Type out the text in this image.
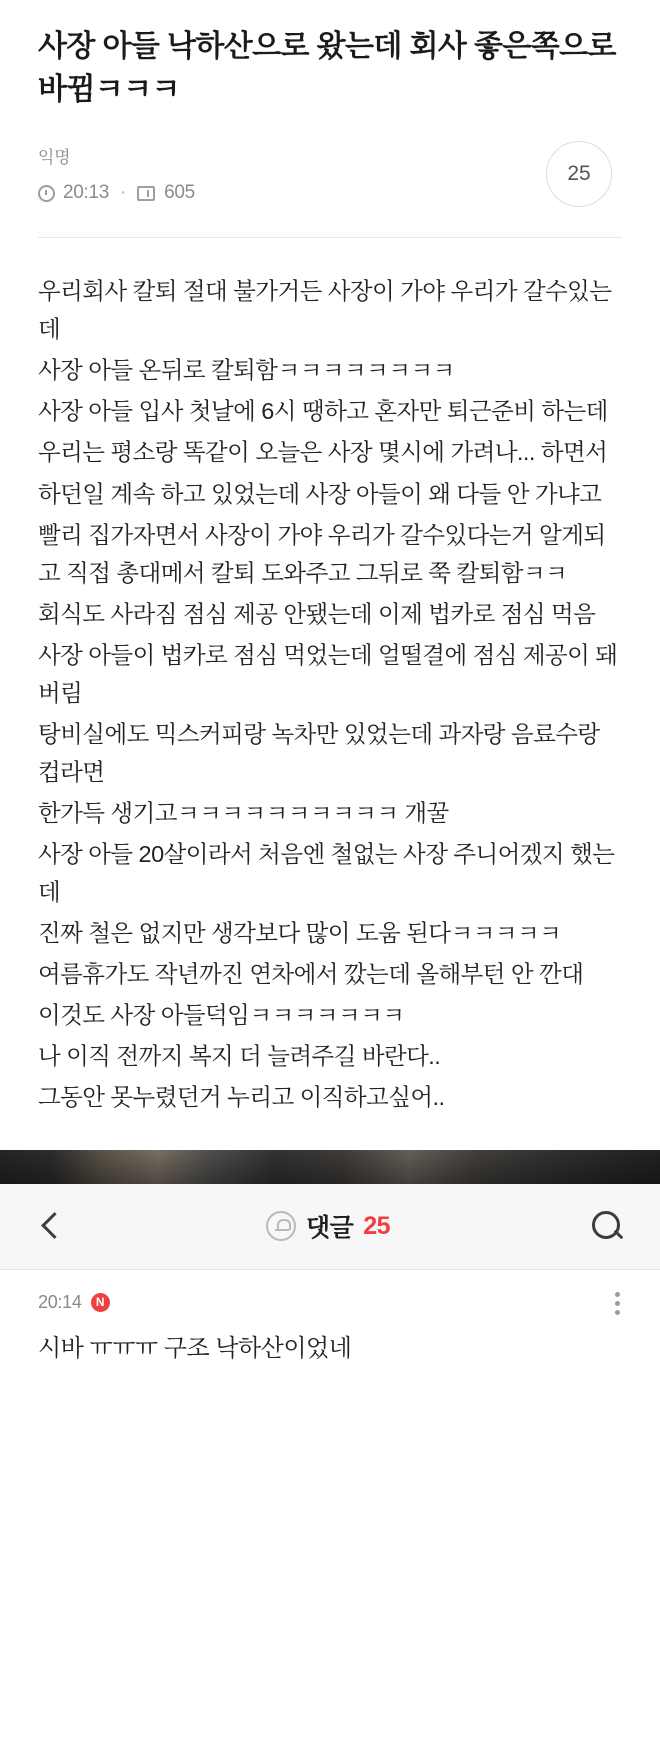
사장 아들 낙하산으로 왔는데 회사 좋은쪽으로 바뀜ㅋㅋㅋ
익명
20:13 · 605
25

우리회사 칼퇴 절대 불가거든 사장이 가야 우리가 갈수있는데

사장 아들 온뒤로 칼퇴함ㅋㅋㅋㅋㅋㅋㅋㅋ

사장 아들 입사 첫날에 6시 땡하고 혼자만 퇴근준비 하는데

우리는 평소랑 똑같이 오늘은 사장 몇시에 가려나... 하면서

하던일 계속 하고 있었는데 사장 아들이 왜 다들 안 가냐고

빨리 집가자면서 사장이 가야 우리가 갈수있다는거 알게되고 직접 총대메서 칼퇴 도와주고 그뒤로 쭉 칼퇴함ㅋㅋ

회식도 사라짐 점심 제공 안됐는데 이제 법카로 점심 먹음

사장 아들이 법카로 점심 먹었는데 얼떨결에 점심 제공이 돼버림

탕비실에도 믹스커피랑 녹차만 있었는데 과자랑 음료수랑 컵라면

한가득 생기고ㅋㅋㅋㅋㅋㅋㅋㅋㅋㅋ 개꿀

사장 아들 20살이라서 처음엔 철없는 사장 주니어겠지 했는데

진짜 철은 없지만 생각보다 많이 도움 된다ㅋㅋㅋㅋㅋ

여름휴가도 작년까진 연차에서 깠는데 올해부턴 안 깐대

이것도 사장 아들덕임ㅋㅋㅋㅋㅋㅋㅋ

나 이직 전까지 복지 더 늘려주길 바란다..

그동안 못누렸던거 누리고 이직하고싶어..

댓글 25
20:14	N
시바 ㅠㅠㅠ 구조 낙하산이었네
